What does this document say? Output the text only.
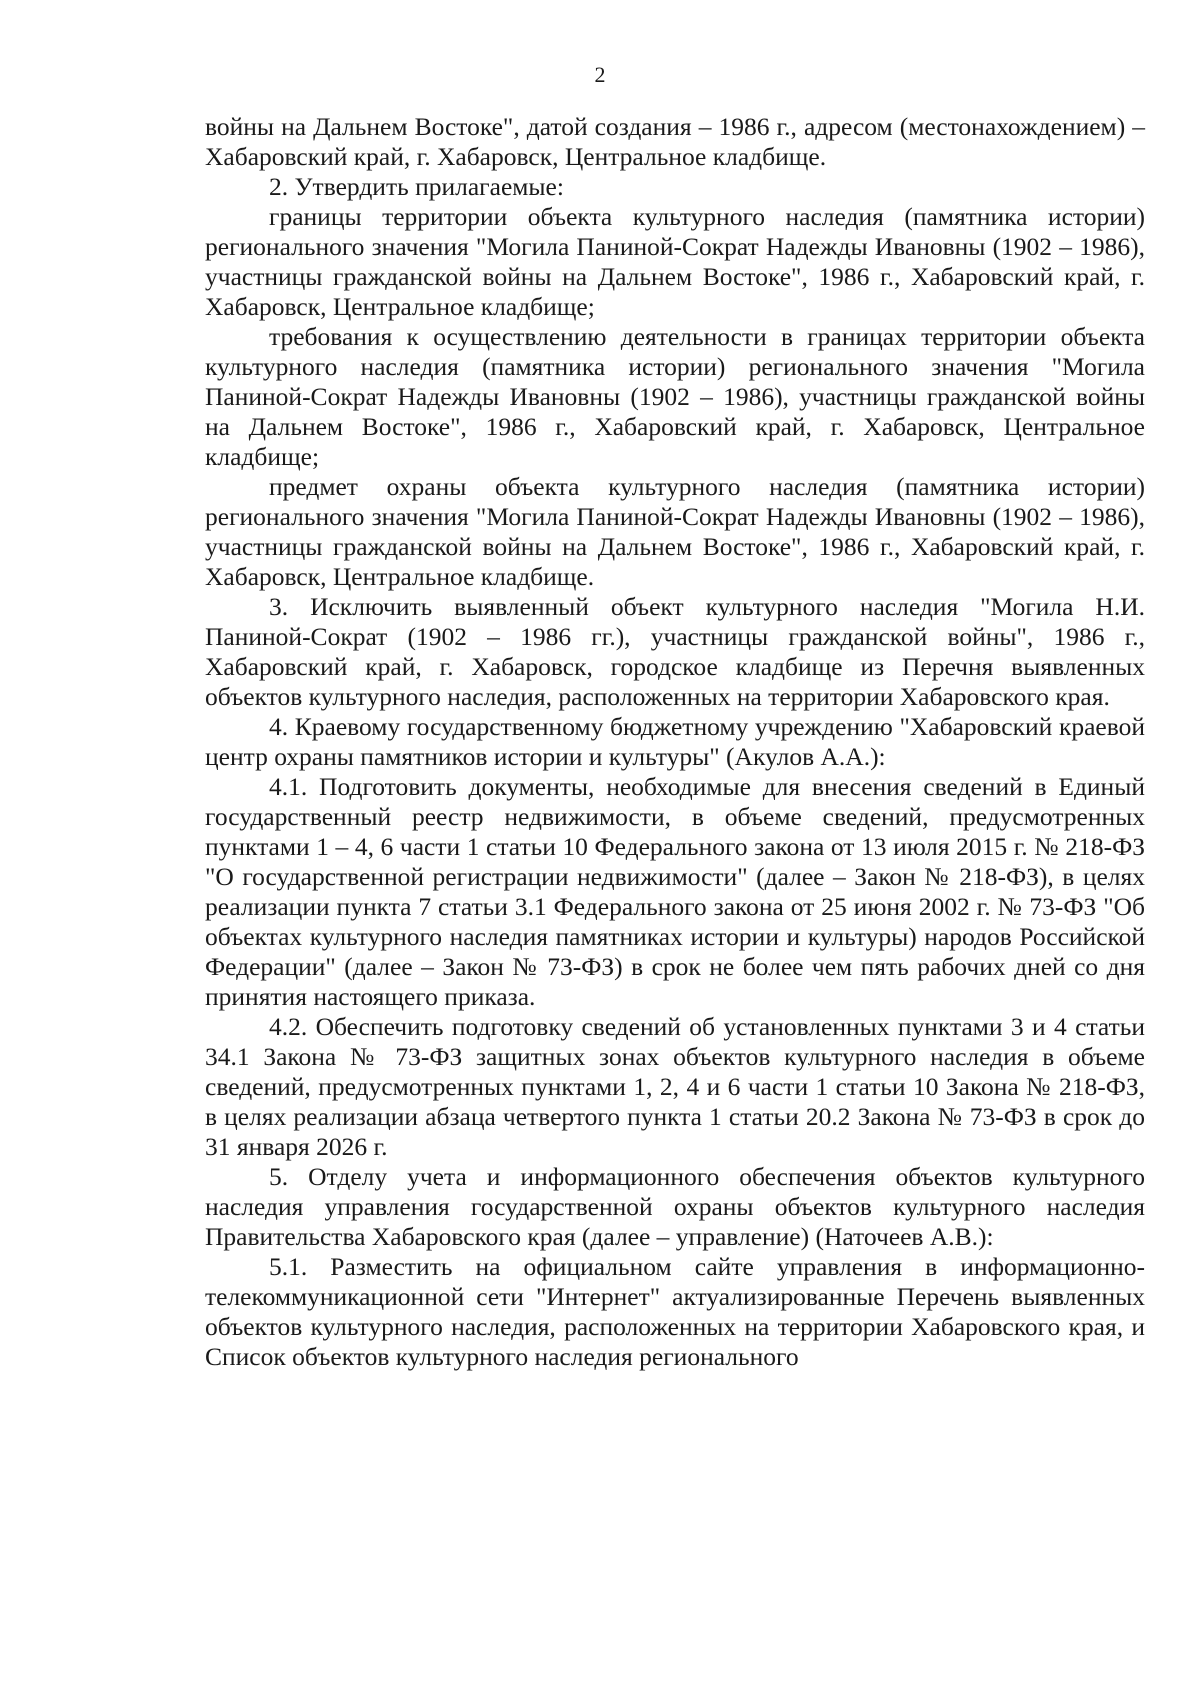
2

войны на Дальнем Востоке", датой создания – 1986 г., адресом (местонахождением) – Хабаровский край, г. Хабаровск, Центральное кладбище.

2. Утвердить прилагаемые:

границы территории объекта культурного наследия (памятника истории) регионального значения "Могила Паниной-Сократ Надежды Ивановны (1902 – 1986), участницы гражданской войны на Дальнем Востоке", 1986 г., Хабаровский край, г. Хабаровск, Центральное кладбище;

требования к осуществлению деятельности в границах территории объекта культурного наследия (памятника истории) регионального значения "Могила Паниной-Сократ Надежды Ивановны (1902 – 1986), участницы гражданской войны на Дальнем Востоке", 1986 г., Хабаровский край, г. Хабаровск, Центральное кладбище;

предмет охраны объекта культурного наследия (памятника истории) регионального значения "Могила Паниной-Сократ Надежды Ивановны (1902 – 1986), участницы гражданской войны на Дальнем Востоке", 1986 г., Хабаровский край, г. Хабаровск, Центральное кладбище.

3. Исключить выявленный объект культурного наследия "Могила Н.И. Паниной-Сократ (1902 – 1986 гг.), участницы гражданской войны", 1986 г., Хабаровский край, г. Хабаровск, городское кладбище из Перечня выявленных объектов культурного наследия, расположенных на территории Хабаровского края.

4. Краевому государственному бюджетному учреждению "Хабаровский краевой центр охраны памятников истории и культуры" (Акулов А.А.):

4.1. Подготовить документы, необходимые для внесения сведений в Единый государственный реестр недвижимости, в объеме сведений, предусмотренных пунктами 1 – 4, 6 части 1 статьи 10 Федерального закона от 13 июля 2015 г. № 218-ФЗ "О государственной регистрации недвижимости" (далее – Закон № 218-ФЗ), в целях реализации пункта 7 статьи 3.1 Федерального закона от 25 июня 2002 г. № 73-ФЗ "Об объектах культурного наследия памятниках истории и культуры) народов Российской Федерации" (далее – Закон № 73-ФЗ) в срок не более чем пять рабочих дней со дня принятия настоящего приказа.

4.2. Обеспечить подготовку сведений об установленных пунктами 3 и 4 статьи 34.1 Закона № 73-ФЗ защитных зонах объектов культурного наследия в объеме сведений, предусмотренных пунктами 1, 2, 4 и 6 части 1 статьи 10 Закона № 218-ФЗ, в целях реализации абзаца четвертого пункта 1 статьи 20.2 Закона № 73-ФЗ в срок до 31 января 2026 г.

5. Отделу учета и информационного обеспечения объектов культурного наследия управления государственной охраны объектов культурного наследия Правительства Хабаровского края (далее – управление) (Наточеев А.В.):

5.1. Разместить на официальном сайте управления в информационно-телекоммуникационной сети "Интернет" актуализированные Перечень выявленных объектов культурного наследия, расположенных на территории Хабаровского края, и Список объектов культурного наследия регионального
